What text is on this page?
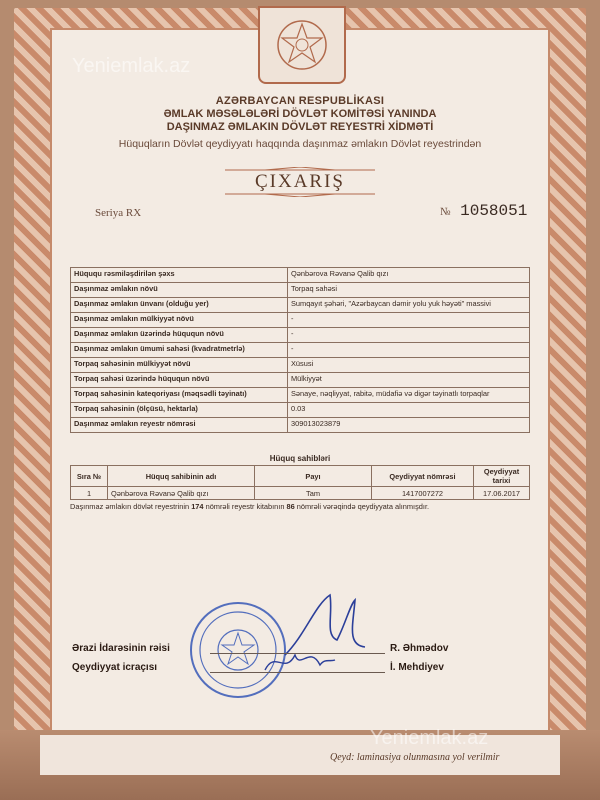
Yeniemlak.az
Yeniemlak.az
AZƏRBAYCAN RESPUBLİKASI
ƏMLAK MƏSƏLƏLƏRİ DÖVLƏT KOMİTƏSİ YANINDA
DAŞINMAZ ƏMLAKIN DÖVLƏT REYESTRİ XİDMƏTİ
Hüquqların Dövlət qeydiyyatı haqqında daşınmaz əmlakın Dövlət reyestrindən
ÇIXARIŞ
Seriya RX	№ 1058051
Hüququ rəsmiləşdirilən şəxs	Qənbərova Rəvanə Qalib qızı
Daşınmaz əmlakın növü	Torpaq sahəsi
Daşınmaz əmlakın ünvanı (olduğu yer)	Sumqayıt şəhəri, "Azərbaycan dəmir yolu yuk həyəti" massivi
Daşınmaz əmlakın mülkiyyət növü	-
Daşınmaz əmlakın üzərində hüququn növü	-
Daşınmaz əmlakın ümumi sahəsi (kvadratmetrlə)	-
Torpaq sahəsinin mülkiyyət növü	Xüsusi
Torpaq sahəsi üzərində hüququn növü	Mülkiyyət
Torpaq sahəsinin kateqoriyası (məqsədli təyinatı)	Sənaye, nəqliyyat, rabitə, müdafiə və digər təyinatlı torpaqlar
Torpaq sahəsinin (ölçüsü, hektarla)	0.03
Daşınmaz əmlakın reyestr nömrəsi	309013023879
Hüquq sahibləri
Sıra №	Hüquq sahibinin adı	Payı	Qeydiyyat nömrəsi	Qeydiyyat tarixi
1	Qənbərova Rəvanə Qalib qızı	Tam	1417007272	17.06.2017
Daşınmaz əmlakın dövlət reyestrinin 174 nömrəli reyestr kitabının 86 nömrəli vərəqində qeydiyyata alınmışdır.
Ərazi İdarəsinin rəisi	R. Əhmədov
Qeydiyyat icraçısı	İ. Mehdiyev
Qeyd: laminasiya olunmasına yol verilmir
